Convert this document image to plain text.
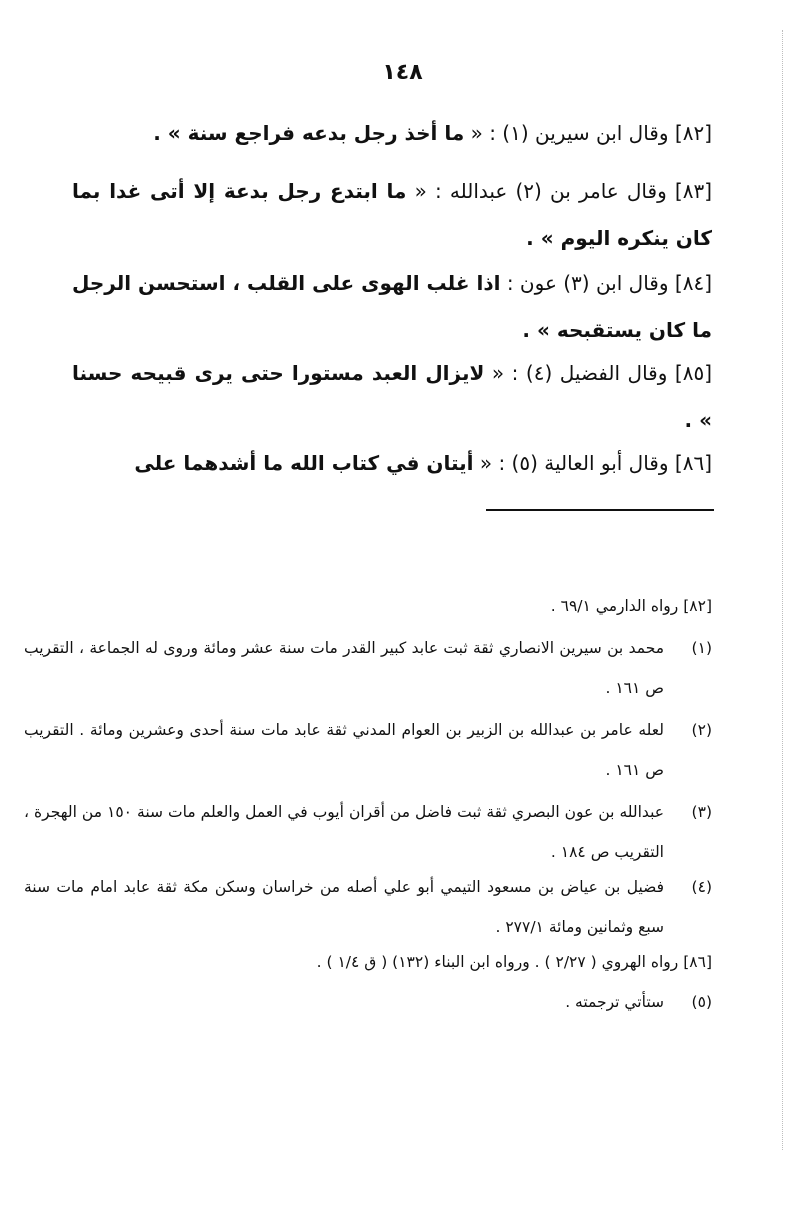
١٤٨

[٨٢] وقال ابن سيرين (١) : « ما أخذ رجل بدعه فراجع سنة » .

[٨٣] وقال عامر بن (٢) عبدالله : « ما ابتدع رجل بدعة إلا أتى غدا بما كان ينكره اليوم » .

[٨٤] وقال ابن (٣) عون : اذا غلب الهوى على القلب ، استحسن الرجل ما كان يستقبحه » .

[٨٥] وقال الفضيل (٤) : « لايزال العبد مستورا حتى يرى قبيحه حسنا » .

[٨٦] وقال أبو العالية (٥) : « أيتان في كتاب الله ما أشدهما على

[٨٢] رواه الدارمي ٦٩/١ .

(١)
محمد بن سيرين الانصاري ثقة ثبت عابد كبير القدر مات سنة عشر ومائة وروى له الجماعة ، التقريب ص ١٦١ .

(٢)
لعله عامر بن عبدالله بن الزبير بن العوام المدني ثقة عابد مات سنة أحدى وعشرين ومائة . التقريب ص ١٦١ .

(٣)
عبدالله بن عون البصري ثقة ثبت فاضل من أقران أيوب في العمل والعلم مات سنة ١٥٠ من الهجرة ، التقريب ص ١٨٤ .

(٤)
فضيل بن عياض بن مسعود التيمي أبو علي أصله من خراسان وسكن مكة ثقة عابد امام مات سنة سبع وثمانين ومائة ٢٧٧/١ .

[٨٦] رواه الهروي ( ٢/٢٧ ) . ورواه ابن البناء (١٣٢) ( ق ١/٤ ) .

(٥)
ستأتي ترجمته .
